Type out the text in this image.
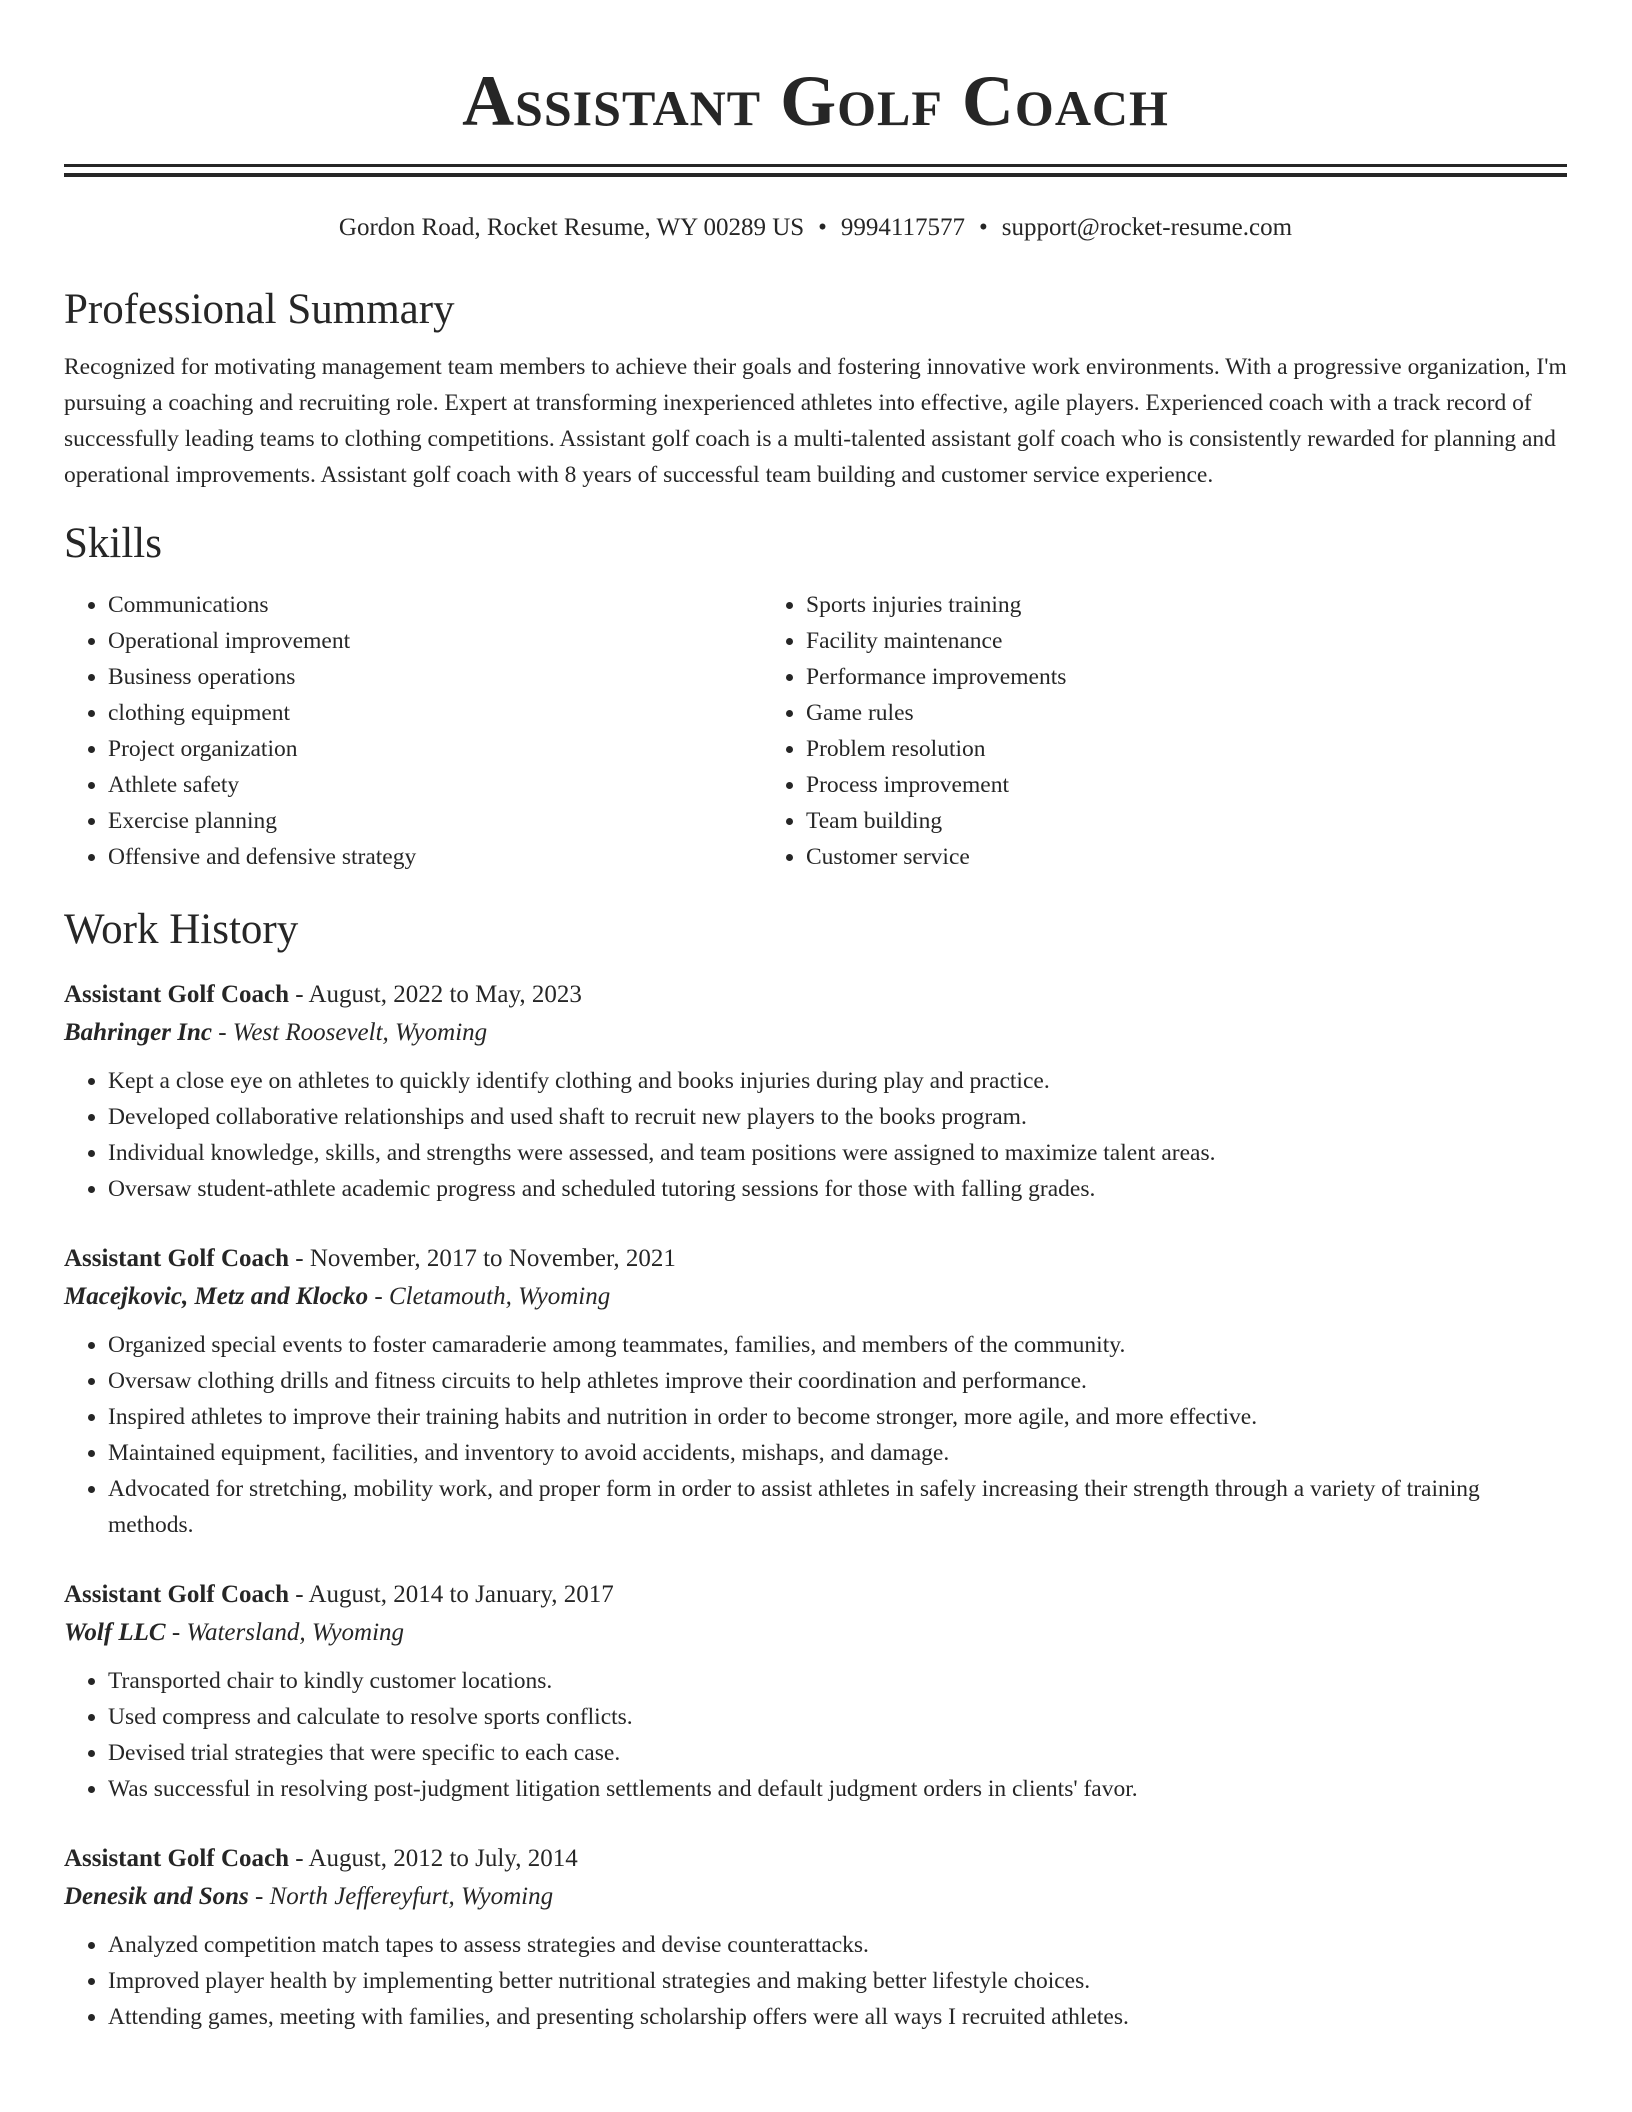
Assistant Golf Coach
Gordon Road, Rocket Resume, WY 00289 US • 9994117577 • support@rocket-resume.com
Professional Summary

Recognized for motivating management team members to achieve their goals and fostering innovative work environments. With a progressive organization, I'm pursuing a coaching and recruiting role. Expert at transforming inexperienced athletes into effective, agile players. Experienced coach with a track record of successfully leading teams to clothing competitions. Assistant golf coach is a multi-talented assistant golf coach who is consistently rewarded for planning and operational improvements. Assistant golf coach with 8 years of successful team building and customer service experience.

Skills
• Communications
• Operational improvement
• Business operations
• clothing equipment
• Project organization
• Athlete safety
• Exercise planning
• Offensive and defensive strategy
• Sports injuries training
• Facility maintenance
• Performance improvements
• Game rules
• Problem resolution
• Process improvement
• Team building
• Customer service
Work History
Assistant Golf Coach - August, 2022 to May, 2023
Bahringer Inc - West Roosevelt, Wyoming
• Kept a close eye on athletes to quickly identify clothing and books injuries during play and practice.
• Developed collaborative relationships and used shaft to recruit new players to the books program.
• Individual knowledge, skills, and strengths were assessed, and team positions were assigned to maximize talent areas.
• Oversaw student-athlete academic progress and scheduled tutoring sessions for those with falling grades.
Assistant Golf Coach - November, 2017 to November, 2021
Macejkovic, Metz and Klocko - Cletamouth, Wyoming
• Organized special events to foster camaraderie among teammates, families, and members of the community.
• Oversaw clothing drills and fitness circuits to help athletes improve their coordination and performance.
• Inspired athletes to improve their training habits and nutrition in order to become stronger, more agile, and more effective.
• Maintained equipment, facilities, and inventory to avoid accidents, mishaps, and damage.
• Advocated for stretching, mobility work, and proper form in order to assist athletes in safely increasing their strength through a variety of training methods.
Assistant Golf Coach - August, 2014 to January, 2017
Wolf LLC - Watersland, Wyoming
• Transported chair to kindly customer locations.
• Used compress and calculate to resolve sports conflicts.
• Devised trial strategies that were specific to each case.
• Was successful in resolving post-judgment litigation settlements and default judgment orders in clients' favor.
Assistant Golf Coach - August, 2012 to July, 2014
Denesik and Sons - North Jeffereyfurt, Wyoming
• Analyzed competition match tapes to assess strategies and devise counterattacks.
• Improved player health by implementing better nutritional strategies and making better lifestyle choices.
• Attending games, meeting with families, and presenting scholarship offers were all ways I recruited athletes.
